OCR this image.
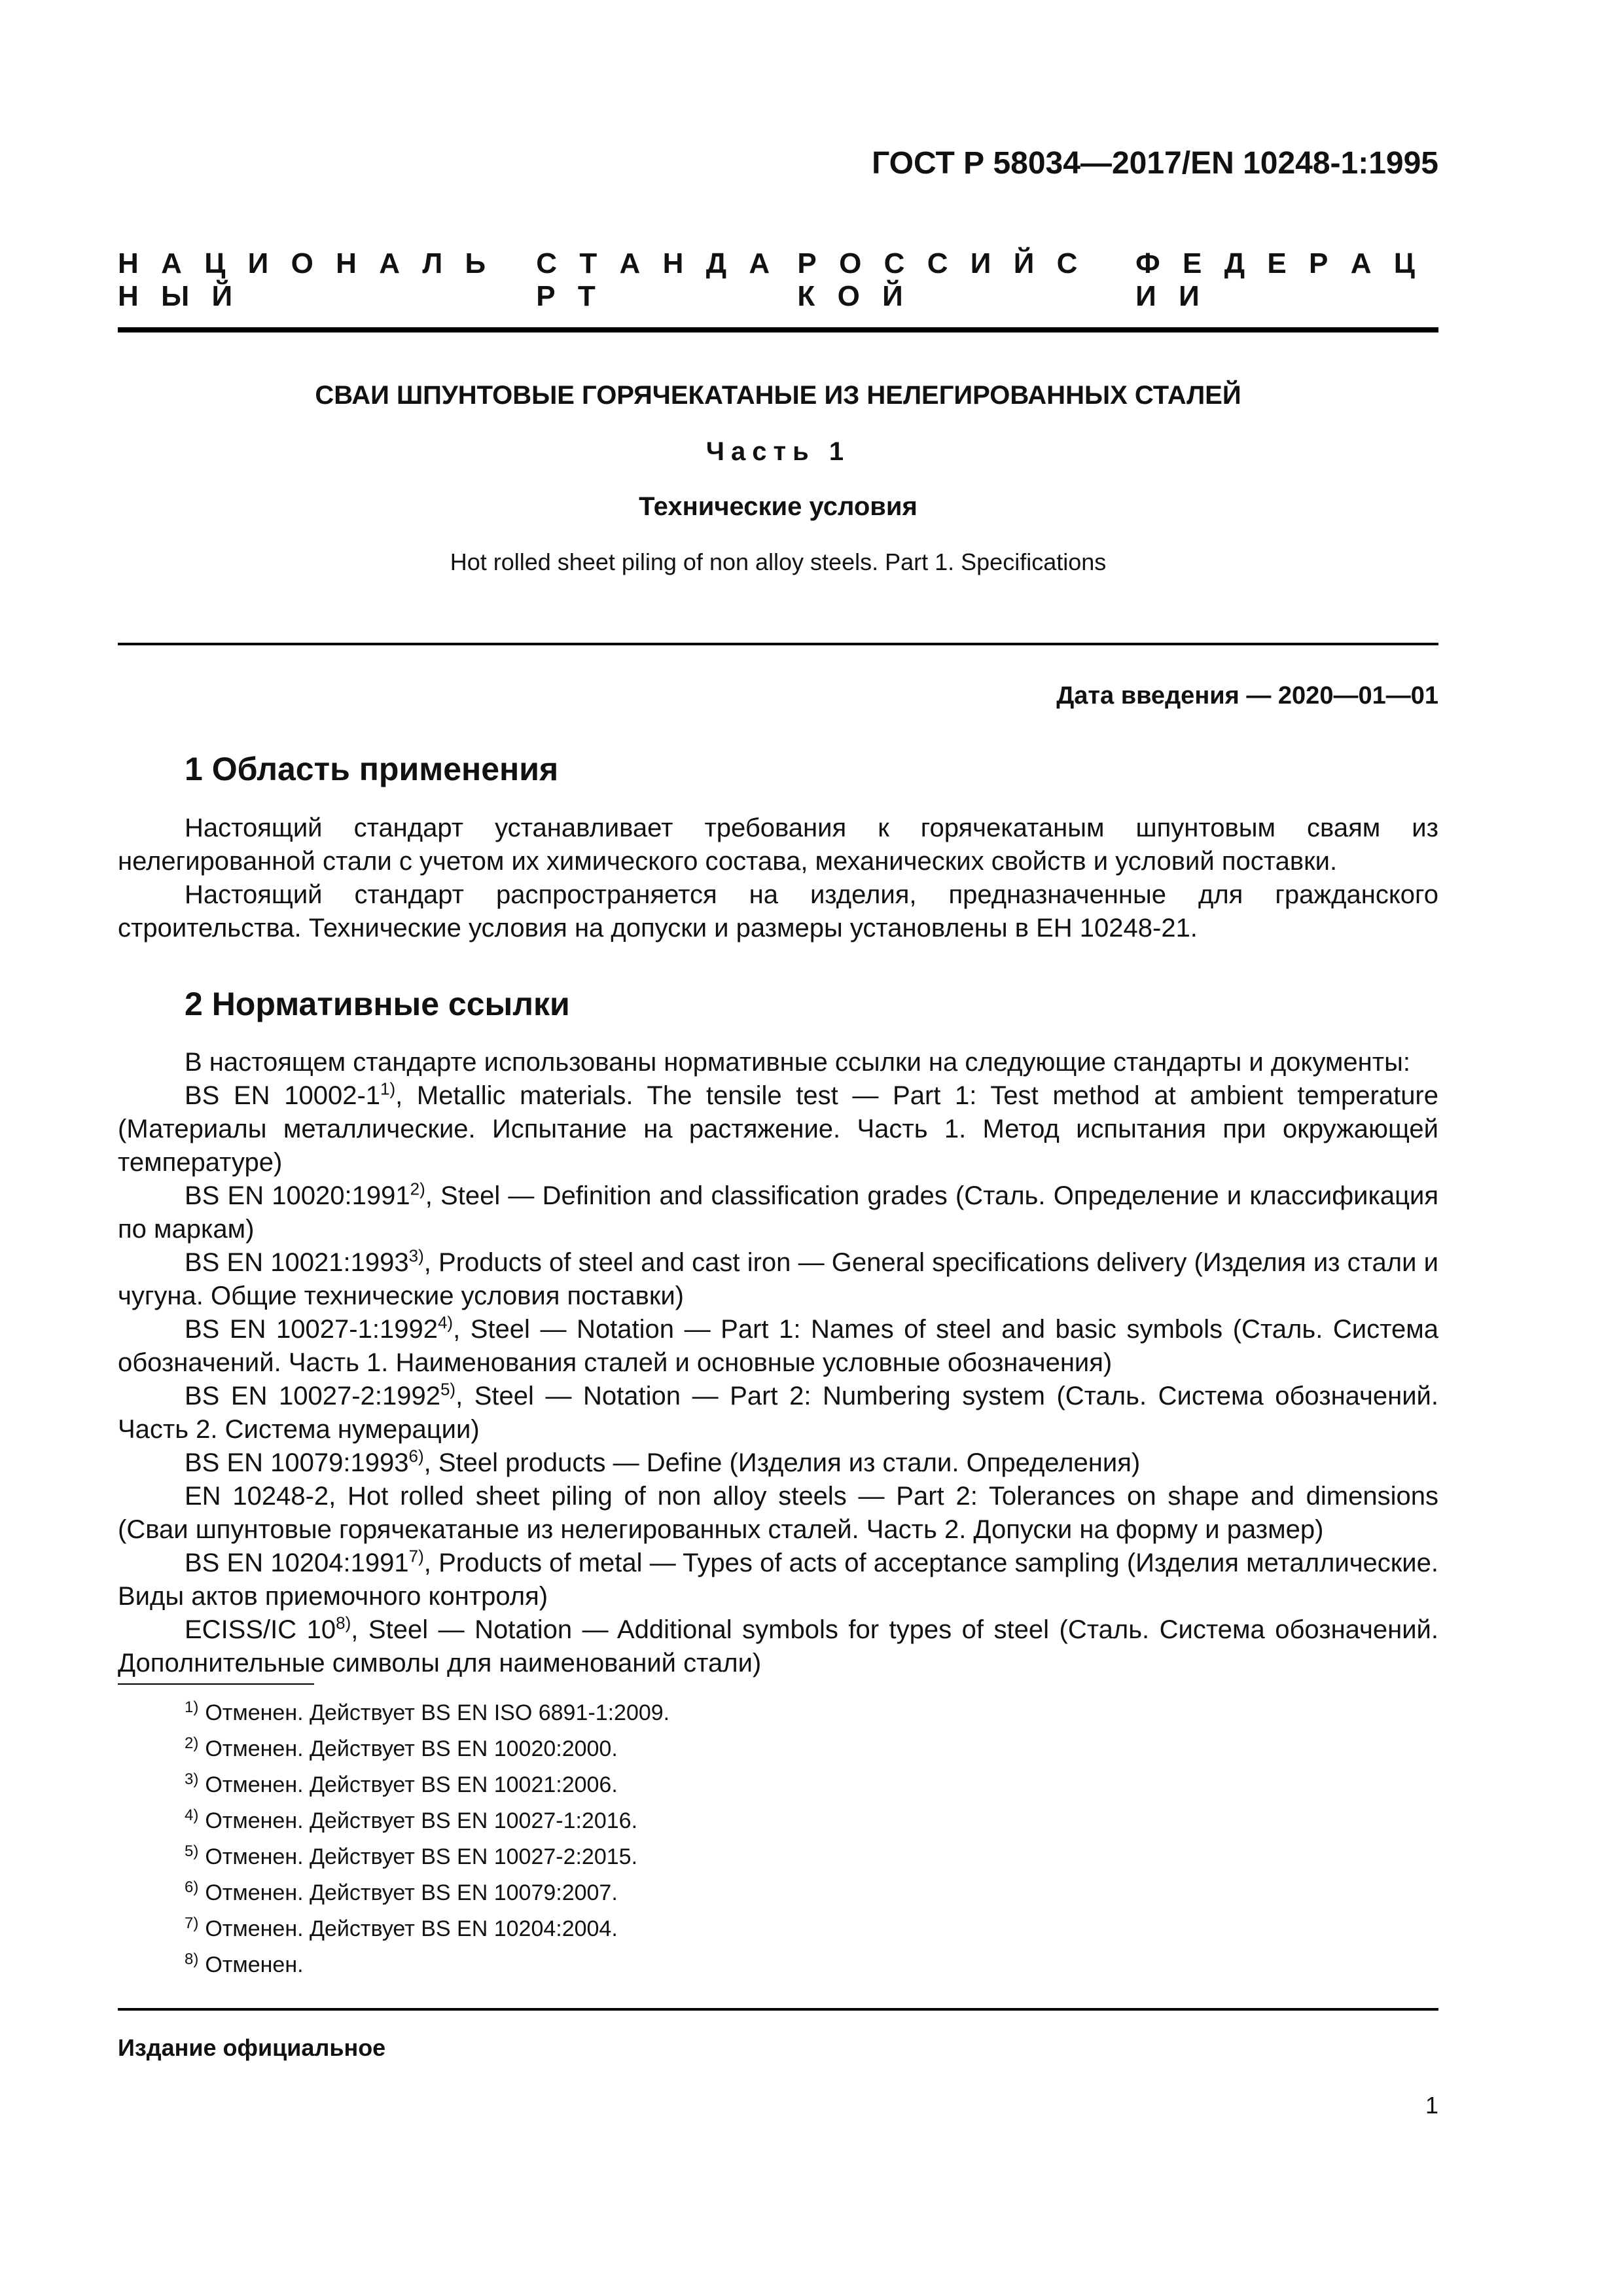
ГОСТ Р 58034—2017/EN 10248-1:1995
Н А Ц И О Н А Л ЬН Ы Й
С Т А Н Д АР Т
Р О С С И Й СК О Й
Ф Е Д Е Р А ЦИ И
СВАИ ШПУНТОВЫЕ ГОРЯЧЕКАТАНЫЕ ИЗ НЕЛЕГИРОВАННЫХ СТАЛЕЙ
Часть 1
Технические условия
Hot rolled sheet piling of non alloy steels. Part 1. Specifications
Дата введения — 2020—01—01
1 Область применения

Настоящий стандарт устанавливает требования к горячекатаным шпунтовым сваям из нелегированной стали с учетом их химического состава, механических свойств и условий поставки.

Настоящий стандарт распространяется на изделия, предназначенные для гражданского строительства. Технические условия на допуски и размеры установлены в ЕН 10248-21.

2 Нормативные ссылки

В настоящем стандарте использованы нормативные ссылки на следующие стандарты и документы:

BS EN 10002-1$^{1)}$, Metallic materials. The tensile test — Part 1: Test method at ambient temperature (Материалы металлические. Испытание на растяжение. Часть 1. Метод испытания при окружающей температуре)

BS EN 10020:1991$^{2)}$, Steel — Definition and classification grades (Сталь. Определение и классификация по маркам)

BS EN 10021:1993$^{3)}$, Products of steel and cast iron — General specifications delivery (Изделия из стали и чугуна. Общие технические условия поставки)

BS EN 10027-1:1992$^{4)}$, Steel — Notation — Part 1: Names of steel and basic symbols (Сталь. Система обозначений. Часть 1. Наименования сталей и основные условные обозначения)

BS EN 10027-2:1992$^{5)}$, Steel — Notation — Part 2: Numbering system (Сталь. Система обозначений. Часть 2. Система нумерации)

BS EN 10079:1993$^{6)}$, Steel products — Define (Изделия из стали. Определения)

EN 10248-2, Hot rolled sheet piling of non alloy steels — Part 2: Tolerances on shape and dimensions (Сваи шпунтовые горячекатаные из нелегированных сталей. Часть 2. Допуски на форму и размер)

BS EN 10204:1991$^{7)}$, Products of metal — Types of acts of acceptance sampling (Изделия металлические. Виды актов приемочного контроля)

ECISS/IC 10$^{8)}$, Steel — Notation — Additional symbols for types of steel (Сталь. Система обозначений. Дополнительные символы для наименований стали)

$^{1)}$ Отменен. Действует BS EN ISO 6891-1:2009.
$^{2)}$ Отменен. Действует BS EN 10020:2000.
$^{3)}$ Отменен. Действует BS EN 10021:2006.
$^{4)}$ Отменен. Действует BS EN 10027-1:2016.
$^{5)}$ Отменен. Действует BS EN 10027-2:2015.
$^{6)}$ Отменен. Действует BS EN 10079:2007.
$^{7)}$ Отменен. Действует BS EN 10204:2004.
$^{8)}$ Отменен.
Издание официальное
1
